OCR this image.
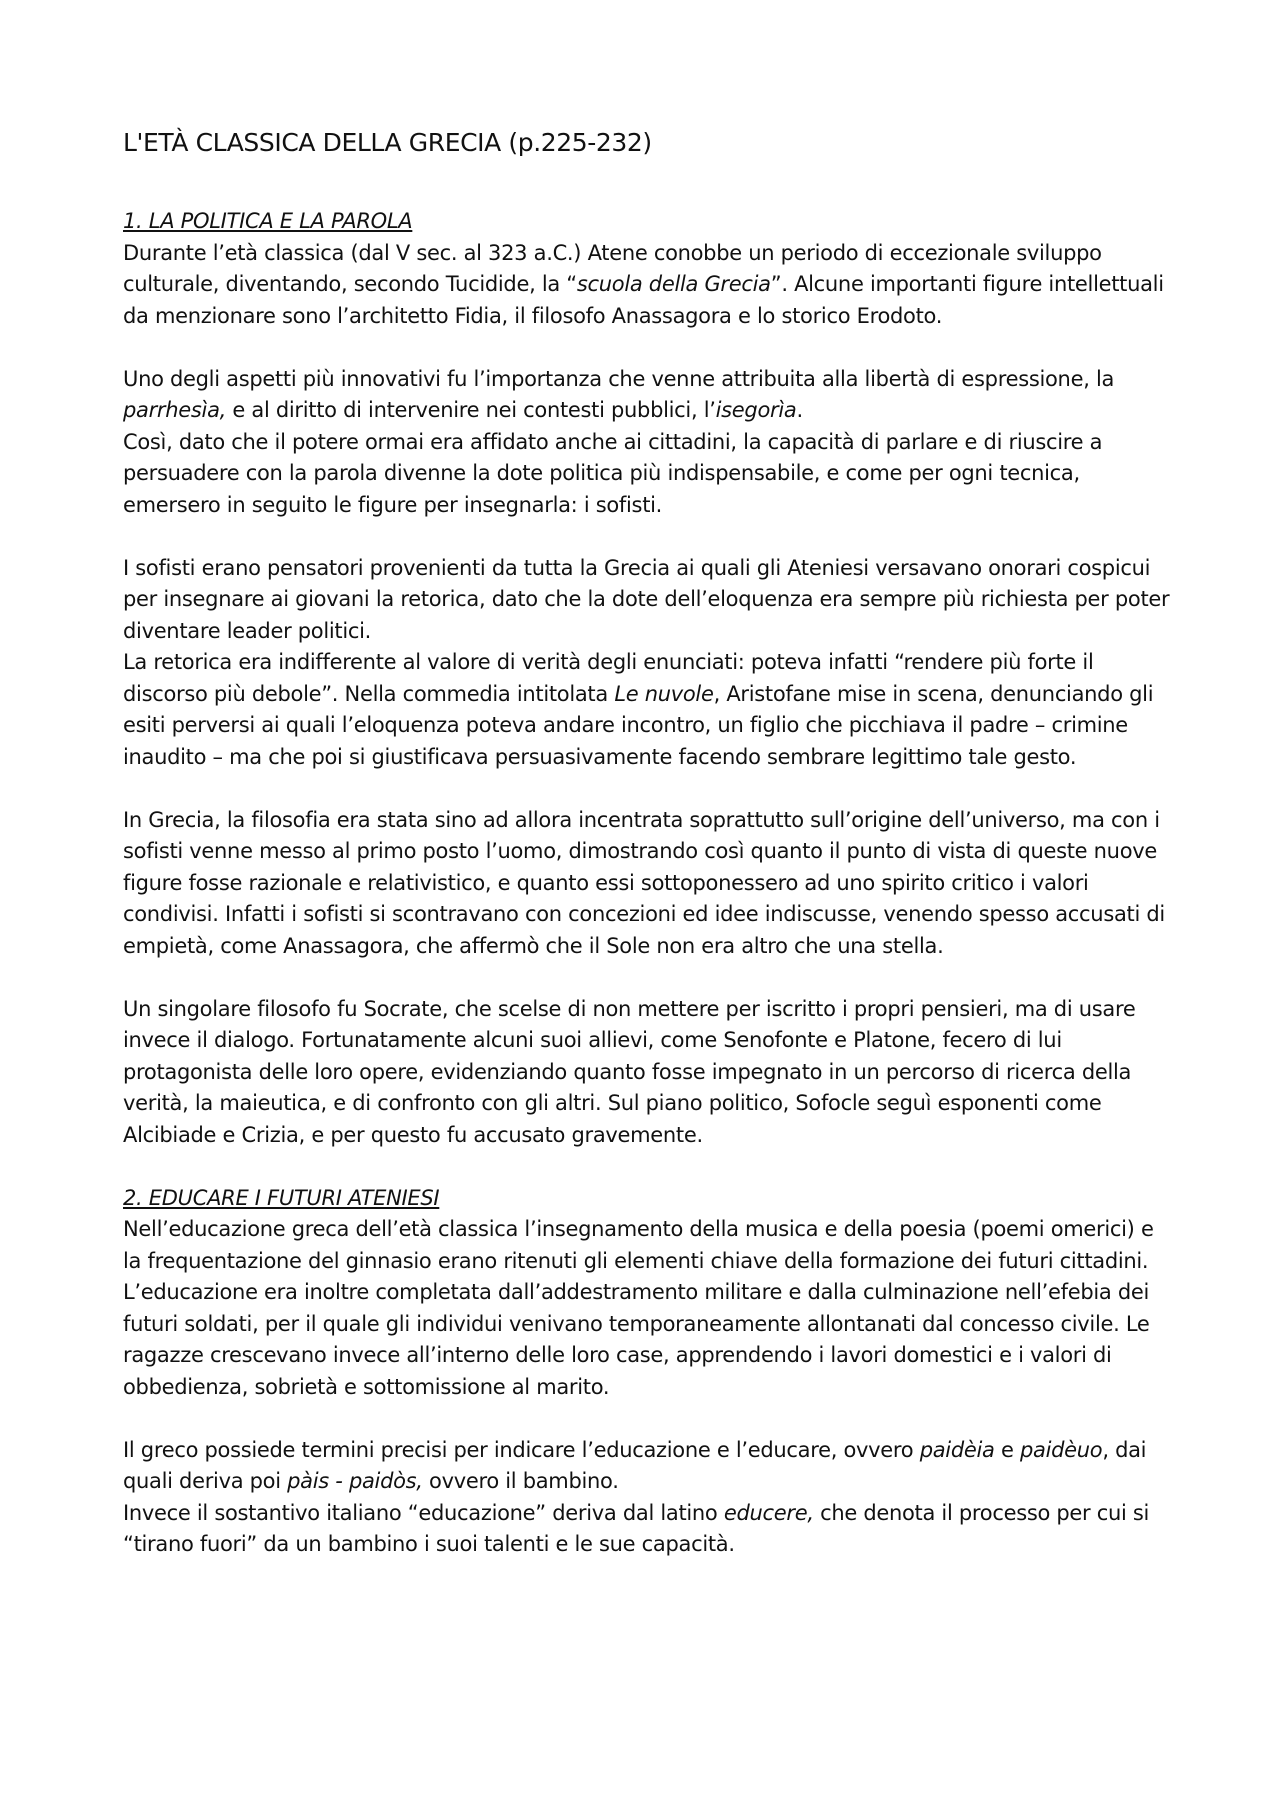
L'ETÀ CLASSICA DELLA GRECIA (p.225-232)
1. LA POLITICA E LA PAROLA

Durante l’età classica (dal V sec. al 323 a.C.) Atene conobbe un periodo di eccezionale sviluppo culturale, diventando, secondo Tucidide, la “scuola della Grecia”. Alcune importanti figure intellettuali da menzionare sono l’architetto Fidia, il filosofo Anassagora e lo storico Erodoto.

Uno degli aspetti più innovativi fu l’importanza che venne attribuita alla libertà di espressione, la parrhesìa, e al diritto di intervenire nei contesti pubblici, l’isegorìa.

Così, dato che il potere ormai era affidato anche ai cittadini, la capacità di parlare e di riuscire a persuadere con la parola divenne la dote politica più indispensabile, e come per ogni tecnica, emersero in seguito le figure per insegnarla: i sofisti.

I sofisti erano pensatori provenienti da tutta la Grecia ai quali gli Ateniesi versavano onorari cospicui per insegnare ai giovani la retorica, dato che la dote dell’eloquenza era sempre più richiesta per poter diventare leader politici.

La retorica era indifferente al valore di verità degli enunciati: poteva infatti “rendere più forte il discorso più debole”. Nella commedia intitolata Le nuvole, Aristofane mise in scena, denunciando gli esiti perversi ai quali l’eloquenza poteva andare incontro, un figlio che picchiava il padre – crimine inaudito – ma che poi si giustificava persuasivamente facendo sembrare legittimo tale gesto.

In Grecia, la filosofia era stata sino ad allora incentrata soprattutto sull’origine dell’universo, ma con i sofisti venne messo al primo posto l’uomo, dimostrando così quanto il punto di vista di queste nuove figure fosse razionale e relativistico, e quanto essi sottoponessero ad uno spirito critico i valori condivisi. Infatti i sofisti si scontravano con concezioni ed idee indiscusse, venendo spesso accusati di empietà, come Anassagora, che affermò che il Sole non era altro che una stella.

Un singolare filosofo fu Socrate, che scelse di non mettere per iscritto i propri pensieri, ma di usare invece il dialogo. Fortunatamente alcuni suoi allievi, come Senofonte e Platone, fecero di lui protagonista delle loro opere, evidenziando quanto fosse impegnato in un percorso di ricerca della verità, la maieutica, e di confronto con gli altri. Sul piano politico, Sofocle seguì esponenti come Alcibiade e Crizia, e per questo fu accusato gravemente.

2. EDUCARE I FUTURI ATENIESI

Nell’educazione greca dell’età classica l’insegnamento della musica e della poesia (poemi omerici) e la frequentazione del ginnasio erano ritenuti gli elementi chiave della formazione dei futuri cittadini.

L’educazione era inoltre completata dall’addestramento militare e dalla culminazione nell’efebia dei futuri soldati, per il quale gli individui venivano temporaneamente allontanati dal concesso civile. Le ragazze crescevano invece all’interno delle loro case, apprendendo i lavori domestici e i valori di obbedienza, sobrietà e sottomissione al marito.

Il greco possiede termini precisi per indicare l’educazione e l’educare, ovvero paidèia e paidèuo, dai quali deriva poi pàis - paidòs, ovvero il bambino.

Invece il sostantivo italiano “educazione” deriva dal latino educere, che denota il processo per cui si “tirano fuori” da un bambino i suoi talenti e le sue capacità.
